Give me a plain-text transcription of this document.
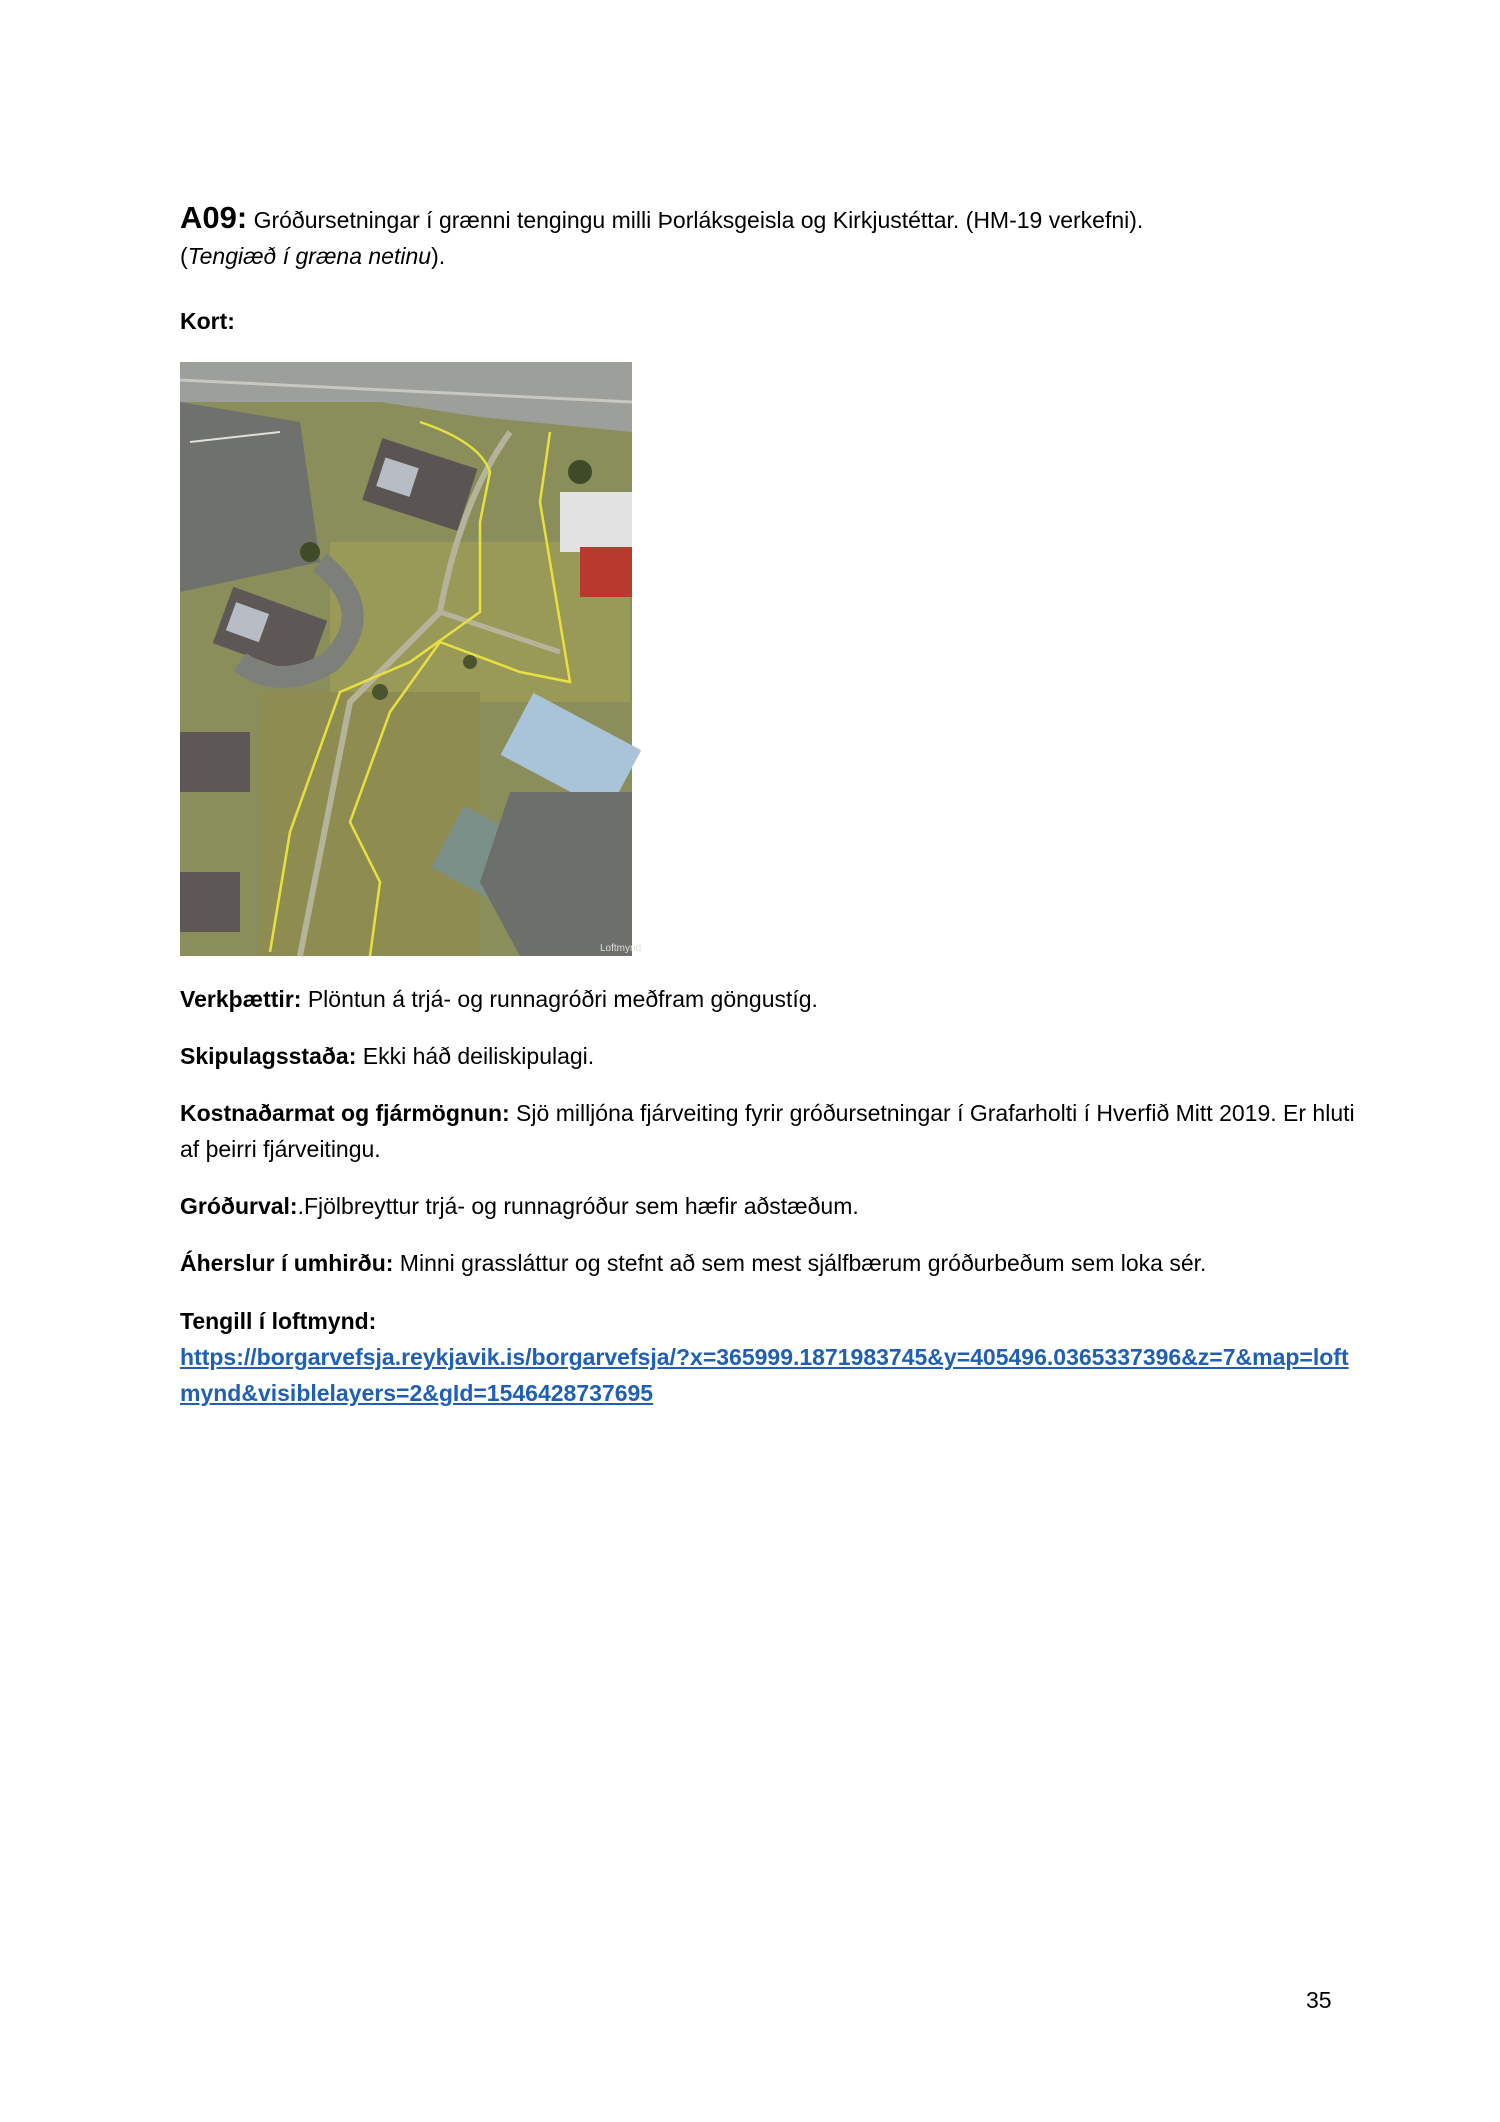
A09: Gróðursetningar í grænni tengingu milli Þorláksgeisla og Kirkjustéttar. (HM-19 verkefni).
(Tengiæð í græna netinu).
Kort:
Loftmynd
Verkþættir: Plöntun á trjá- og runnagróðri meðfram göngustíg.
Skipulagsstaða: Ekki háð deiliskipulagi.
Kostnaðarmat og fjármögnun: Sjö milljóna fjárveiting fyrir gróðursetningar í Grafarholti í Hverfið Mitt 2019. Er hluti af þeirri fjárveitingu.
Gróðurval:.Fjölbreyttur trjá- og runnagróður sem hæfir aðstæðum.
Áherslur í umhirðu: Minni grassláttur og stefnt að sem mest sjálfbærum gróðurbeðum sem loka sér.
Tengill í loftmynd:
https://borgarvefsja.reykjavik.is/borgarvefsja/?x=365999.1871983745&y=405496.0365337396&z=7&map=loftmynd&visiblelayers=2&gId=1546428737695
35
